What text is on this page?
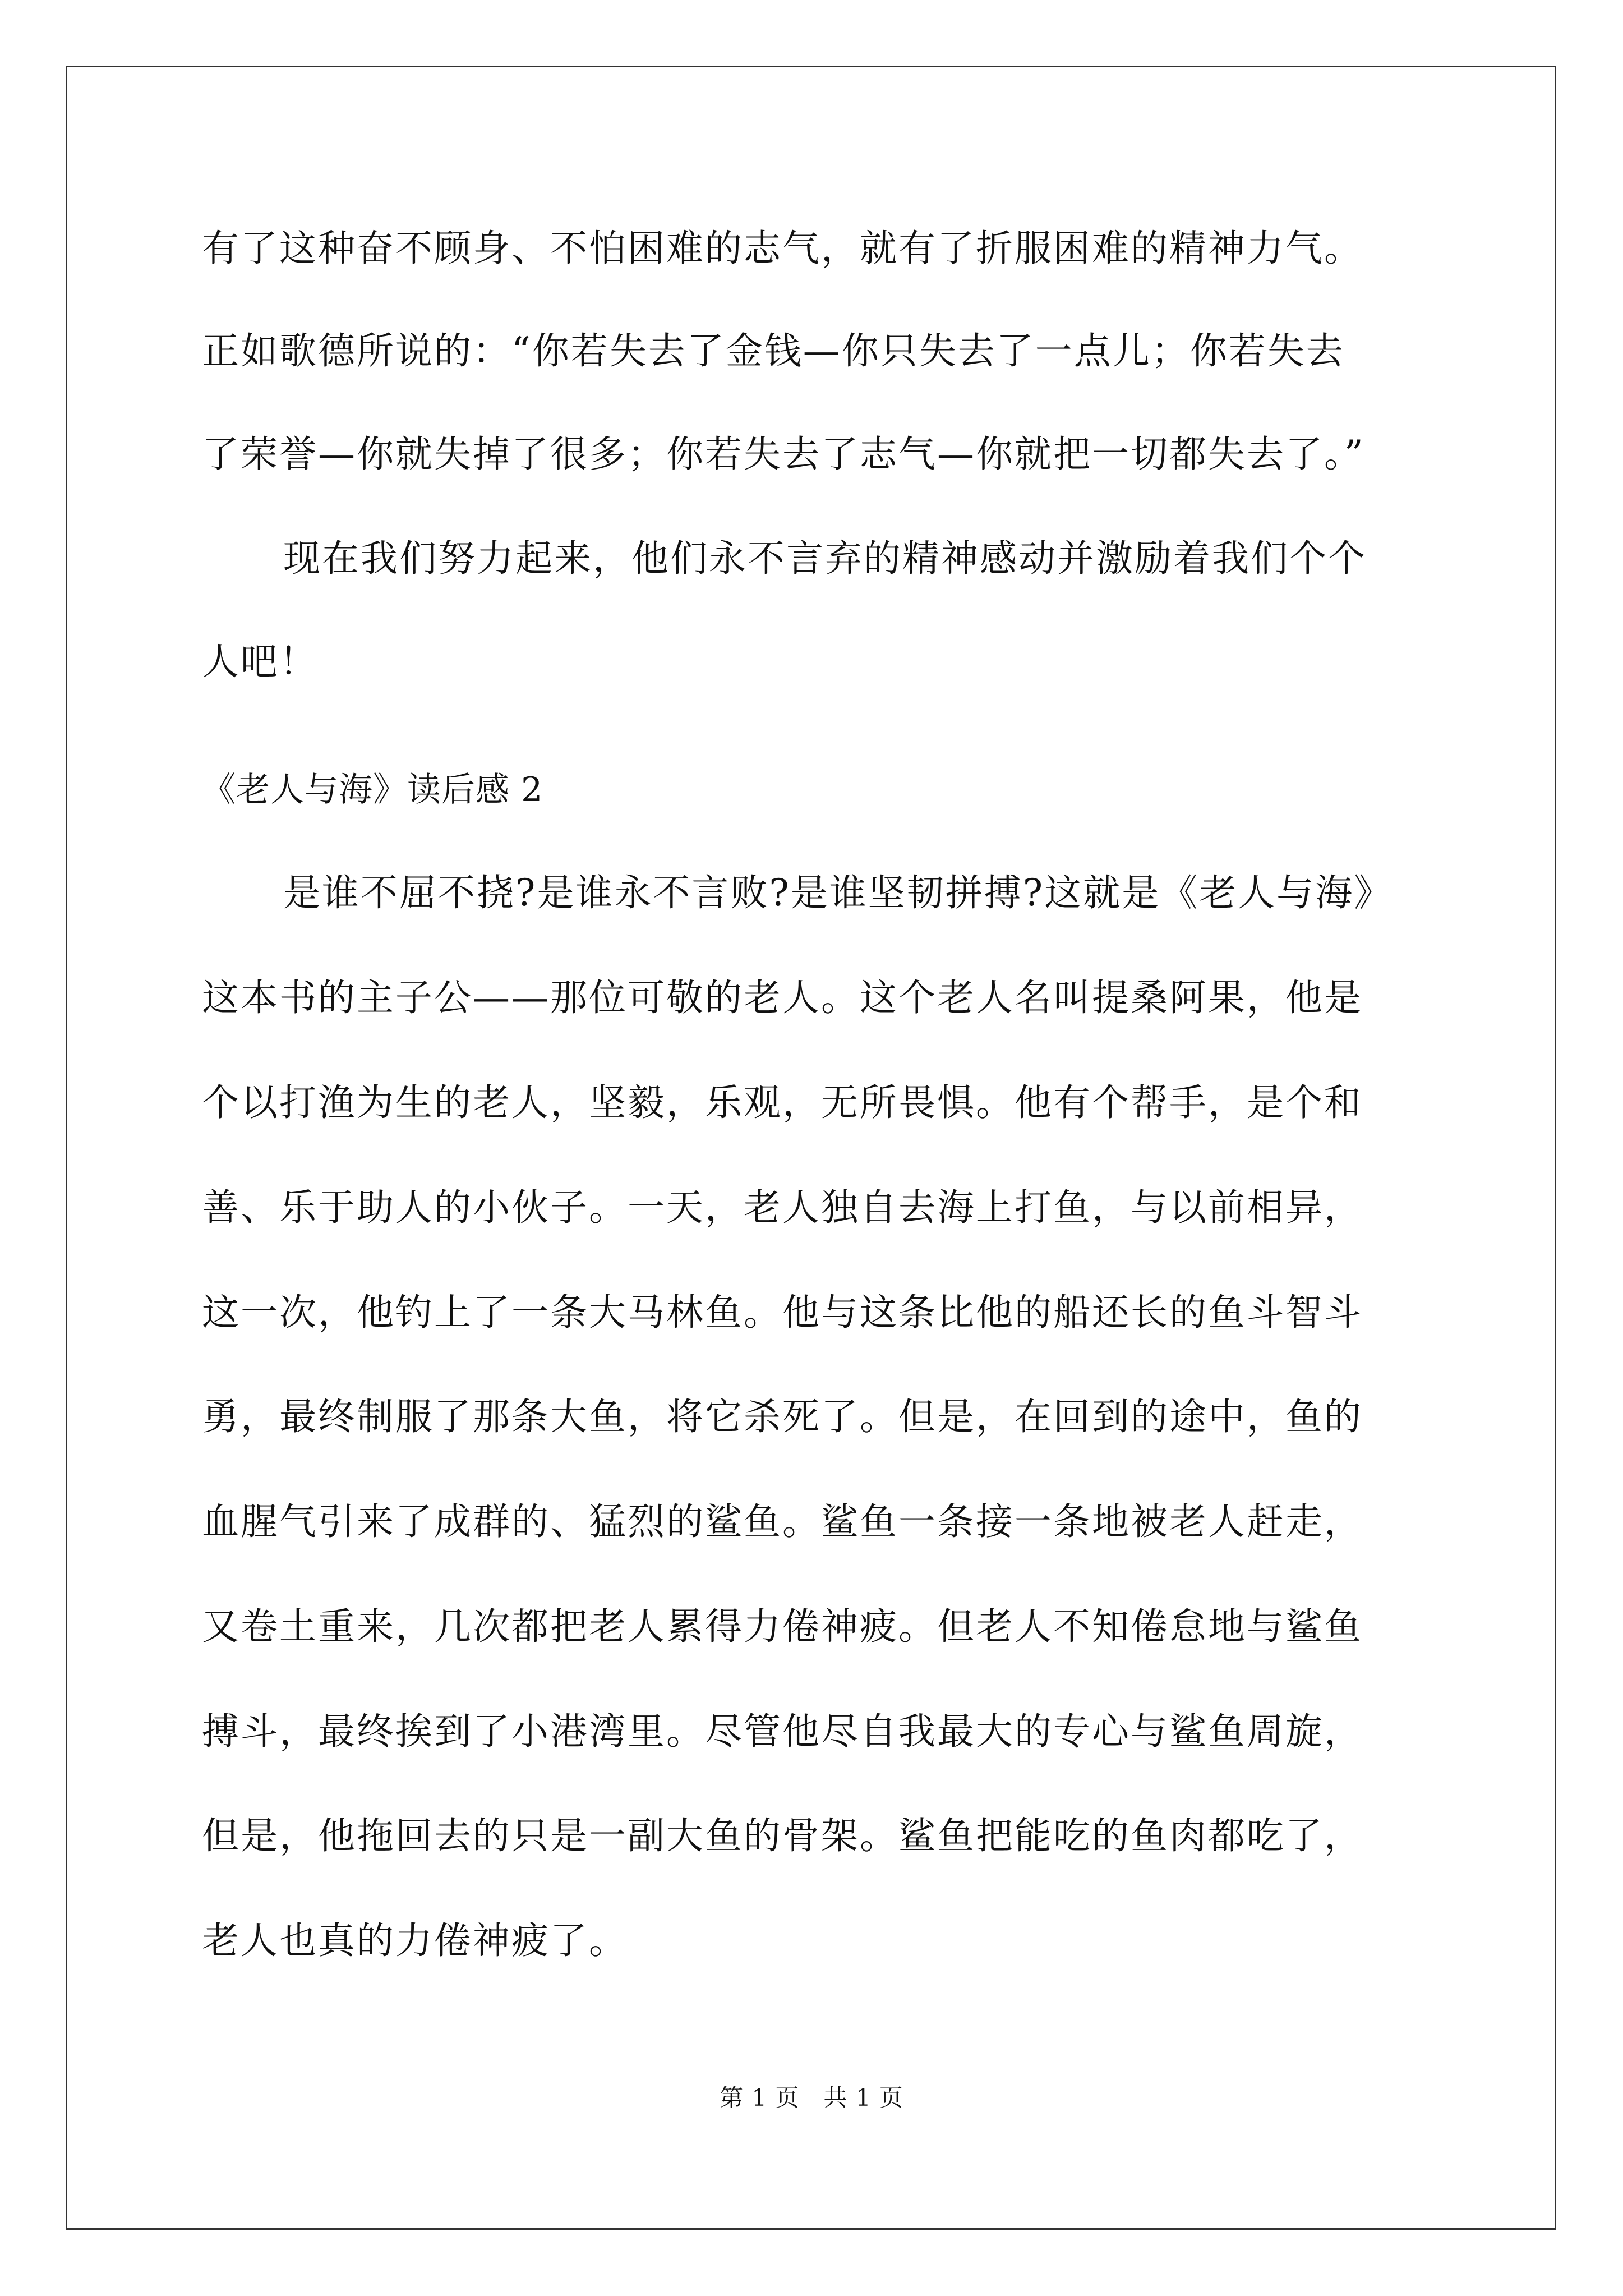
有了这种奋不顾身、不怕困难的志气，就有了折服困难的精神力气。
正如歌德所说的：“你若失去了金钱—你只失去了一点儿；你若失去
了荣誉—你就失掉了很多；你若失去了志气—你就把一切都失去了。”
现在我们努力起来，他们永不言弃的精神感动并激励着我们个个
人吧！
《老人与海》读后感 2
是谁不屈不挠?是谁永不言败?是谁坚韧拼搏?这就是《老人与海》
这本书的主子公——那位可敬的老人。这个老人名叫提桑阿果，他是
个以打渔为生的老人，坚毅，乐观，无所畏惧。他有个帮手，是个和
善、乐于助人的小伙子。一天，老人独自去海上打鱼，与以前相异，
这一次，他钓上了一条大马林鱼。他与这条比他的船还长的鱼斗智斗
勇，最终制服了那条大鱼，将它杀死了。但是，在回到的途中，鱼的
血腥气引来了成群的、猛烈的鲨鱼。鲨鱼一条接一条地被老人赶走，
又卷土重来，几次都把老人累得力倦神疲。但老人不知倦怠地与鲨鱼
搏斗，最终挨到了小港湾里。尽管他尽自我最大的专心与鲨鱼周旋，
但是，他拖回去的只是一副大鱼的骨架。鲨鱼把能吃的鱼肉都吃了，
老人也真的力倦神疲了。
第 1 页　共 1 页
